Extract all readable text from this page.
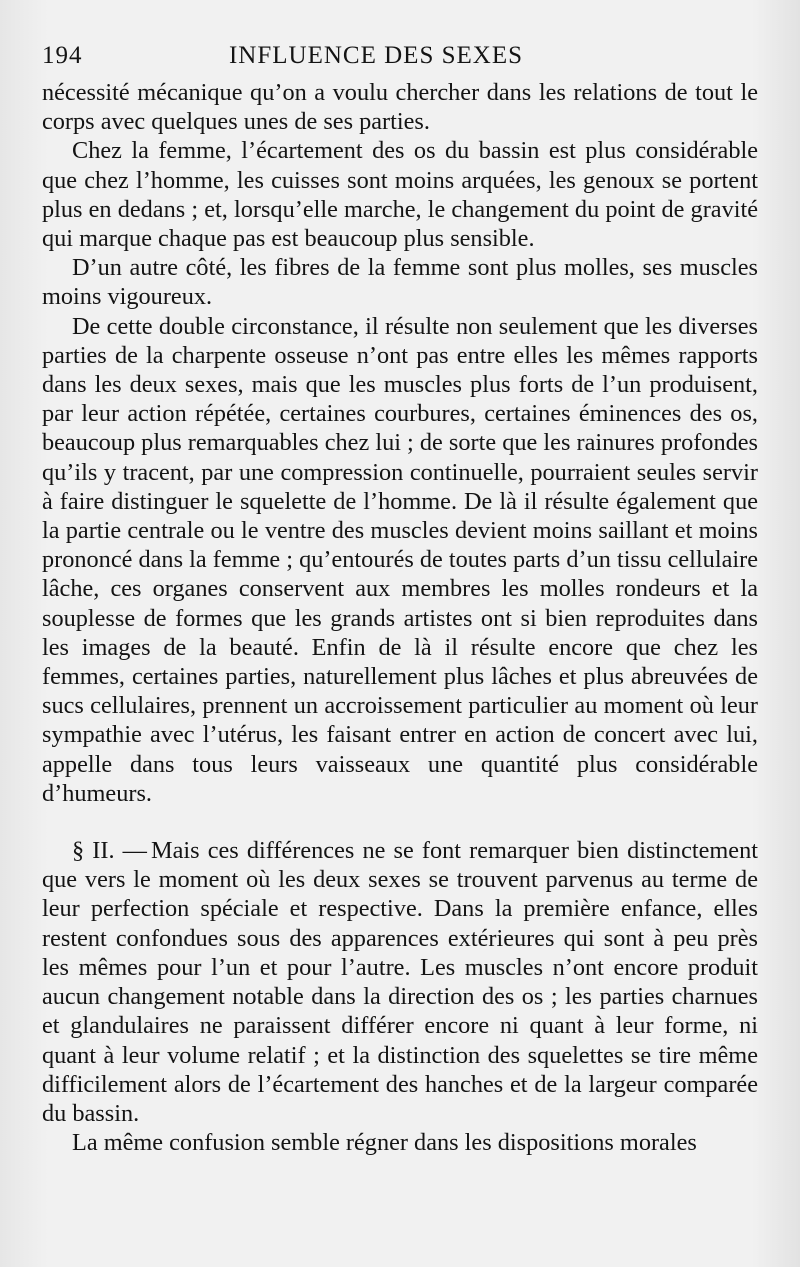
194	INFLUENCE DES SEXES

nécessité mécanique qu’on a voulu chercher dans les relations de tout le corps avec quelques unes de ses parties.

Chez la femme, l’écartement des os du bassin est plus considérable que chez l’homme, les cuisses sont moins arquées, les genoux se portent plus en dedans ; et, lorsqu’elle marche, le changement du point de gravité qui marque chaque pas est beaucoup plus sensible.

D’un autre côté, les fibres de la femme sont plus molles, ses muscles moins vigoureux.

De cette double circonstance, il résulte non seulement que les diverses parties de la charpente osseuse n’ont pas entre elles les mêmes rapports dans les deux sexes, mais que les muscles plus forts de l’un produisent, par leur action répétée, certaines courbures, certaines éminences des os, beaucoup plus remarquables chez lui ; de sorte que les rainures profondes qu’ils y tracent, par une compression continuelle, pourraient seules servir à faire distinguer le squelette de l’homme. De là il résulte également que la partie centrale ou le ventre des muscles devient moins saillant et moins prononcé dans la femme ; qu’entourés de toutes parts d’un tissu cellulaire lâche, ces organes conservent aux membres les molles rondeurs et la souplesse de formes que les grands artistes ont si bien reproduites dans les images de la beauté. Enfin de là il résulte encore que chez les femmes, certaines parties, naturellement plus lâches et plus abreuvées de sucs cellulaires, prennent un accroissement particulier au moment où leur sympathie avec l’utérus, les faisant entrer en action de concert avec lui, appelle dans tous leurs vaisseaux une quantité plus considérable d’humeurs.

§ II. — Mais ces différences ne se font remarquer bien distinctement que vers le moment où les deux sexes se trouvent parvenus au terme de leur perfection spéciale et respective. Dans la première enfance, elles restent confondues sous des apparences extérieures qui sont à peu près les mêmes pour l’un et pour l’autre. Les muscles n’ont encore produit aucun changement notable dans la direction des os ; les parties charnues et glandulaires ne paraissent différer encore ni quant à leur forme, ni quant à leur volume relatif ; et la distinction des squelettes se tire même difficilement alors de l’écartement des hanches et de la largeur comparée du bassin.

La même confusion semble régner dans les dispositions morales
